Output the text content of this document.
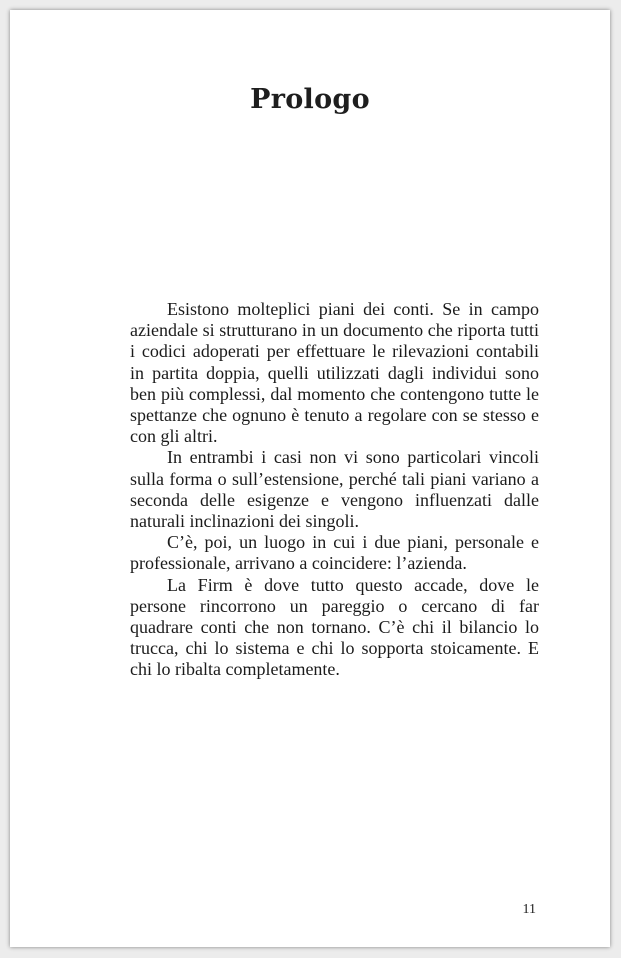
Prologo

Esistono molteplici piani dei conti. Se in campo aziendale si strutturano in un documento che riporta tutti i codici adoperati per effettuare le rilevazioni contabili in partita doppia, quelli utilizzati dagli individui sono ben più complessi, dal momento che contengono tutte le spettanze che ognuno è tenuto a regolare con se stesso e con gli altri.

In entrambi i casi non vi sono particolari vincoli sulla forma o sull’estensione, perché tali piani variano a seconda delle esigenze e vengono influenzati dalle naturali inclinazioni dei singoli.

C’è, poi, un luogo in cui i due piani, personale e professionale, arrivano a coincidere: l’azienda.

La Firm è dove tutto questo accade, dove le persone rincorrono un pareggio o cercano di far quadrare conti che non tornano. C’è chi il bilancio lo trucca, chi lo sistema e chi lo sopporta stoicamente. E chi lo ribalta completamente.

11
